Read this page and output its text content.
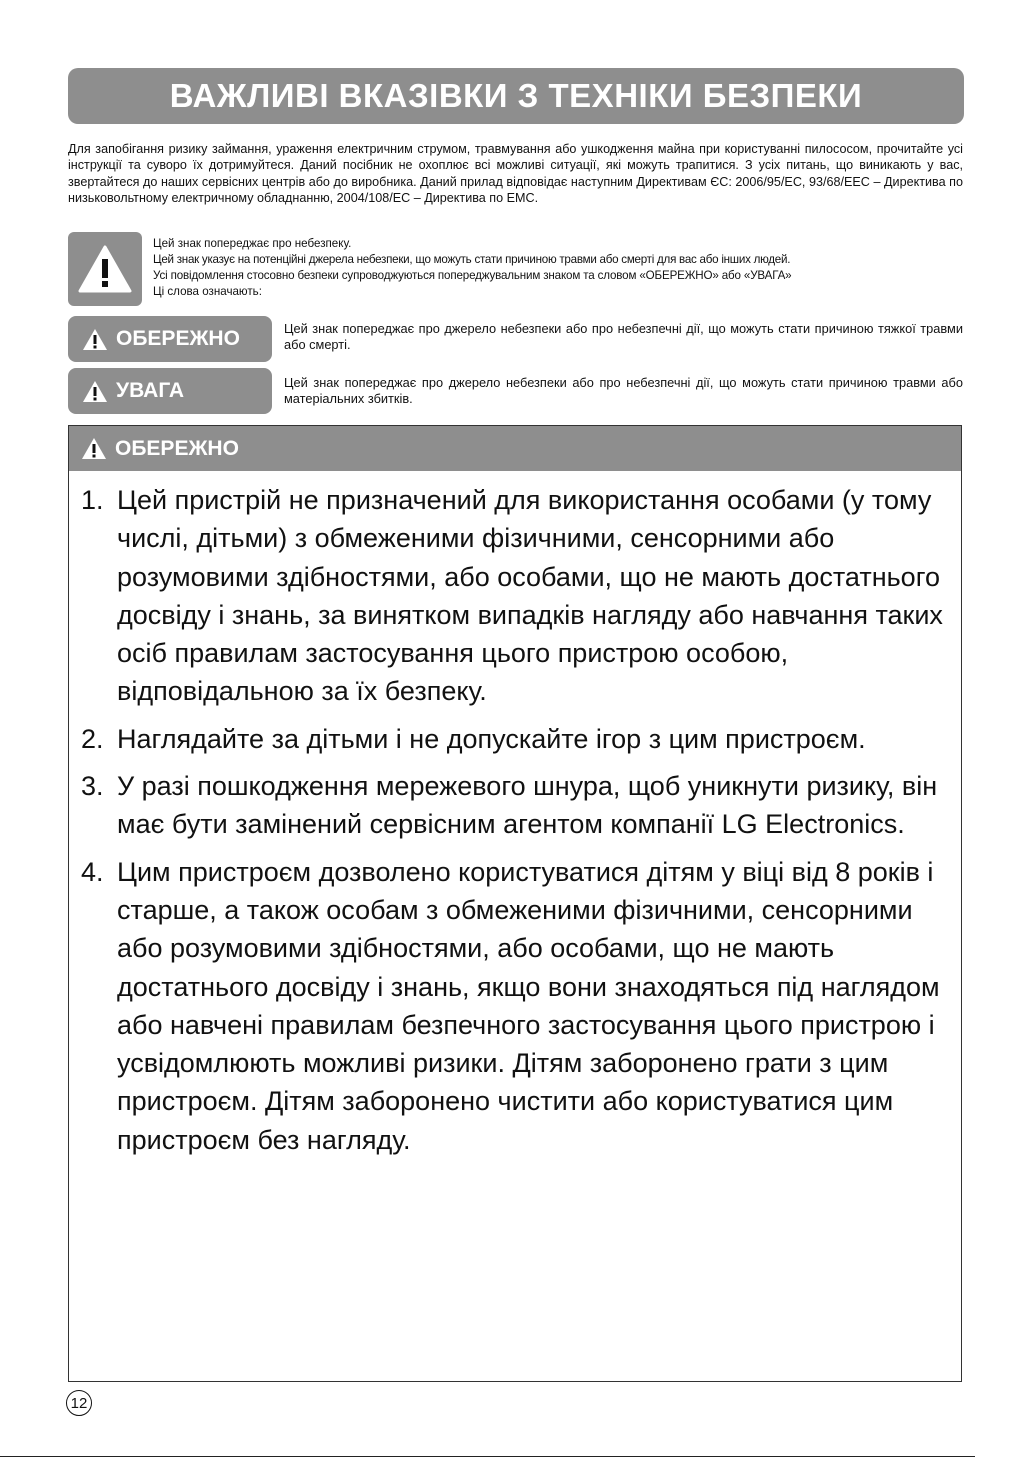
ВАЖЛИВІ ВКАЗІВКИ З ТЕХНІКИ БЕЗПЕКИ

Для запобігання ризику займання, ураження електричним струмом, травмування або ушкодження майна при користуванні пилососом, прочитайте усі інструкції та суворо їх дотримуйтеся. Даний посібник не охоплює всі можливі ситуації, які можуть трапитися. З усіх питань, що виникають у вас, звертайтеся до наших сервісних центрів або до виробника. Даний прилад відповідає наступним Директивам ЄС: 2006/95/EC, 93/68/EEC – Директива по низьковольтному електричному обладнанню, 2004/108/EC – Директива по EMC.

Цей знак попереджає про небезпеку.
Цей знак указує на потенційні джерела небезпеки, що можуть стати причиною травми або смерті для вас або інших людей.
Усі повідомлення стосовно безпеки супроводжуються попереджувальним знаком та словом «ОБЕРЕЖНО» або «УВАГА»
Ці слова означають:
ОБЕРЕЖНО	Цей знак попереджає про джерело небезпеки або про небезпечні дії, що можуть стати причиною тяжкої травми або смерті.
УВАГА	Цей знак попереджає про джерело небезпеки або про небезпечні дії, що можуть стати причиною травми або матеріальних збитків.
ОБЕРЕЖНО
1. Цей пристрій не призначений для використання особами (у тому числі, дітьми) з обмеженими фізичними, сенсорними або розумовими здібностями, або особами, що не мають достатнього досвіду і знань, за винятком випадків нагляду або навчання таких осіб правилам застосування цього пристрою особою, відповідальною за їх безпеку.
2. Наглядайте за дітьми і не допускайте ігор з цим пристроєм.
3. У разі пошкодження мережевого шнура, щоб уникнути ризику, він має бути замінений сервісним агентом компанії LG Electronics.
4. Цим пристроєм дозволено користуватися дітям у віці від 8 років і старше, а також особам з обмеженими фізичними, сенсорними або розумовими здібностями, або особами, що не мають достатнього досвіду і знань, якщо вони знаходяться під наглядом або навчені правилам безпечного застосування цього пристрою і усвідомлюють можливі ризики. Дітям заборонено грати з цим пристроєм. Дітям заборонено чистити або користуватися цим пристроєм без нагляду.
12
